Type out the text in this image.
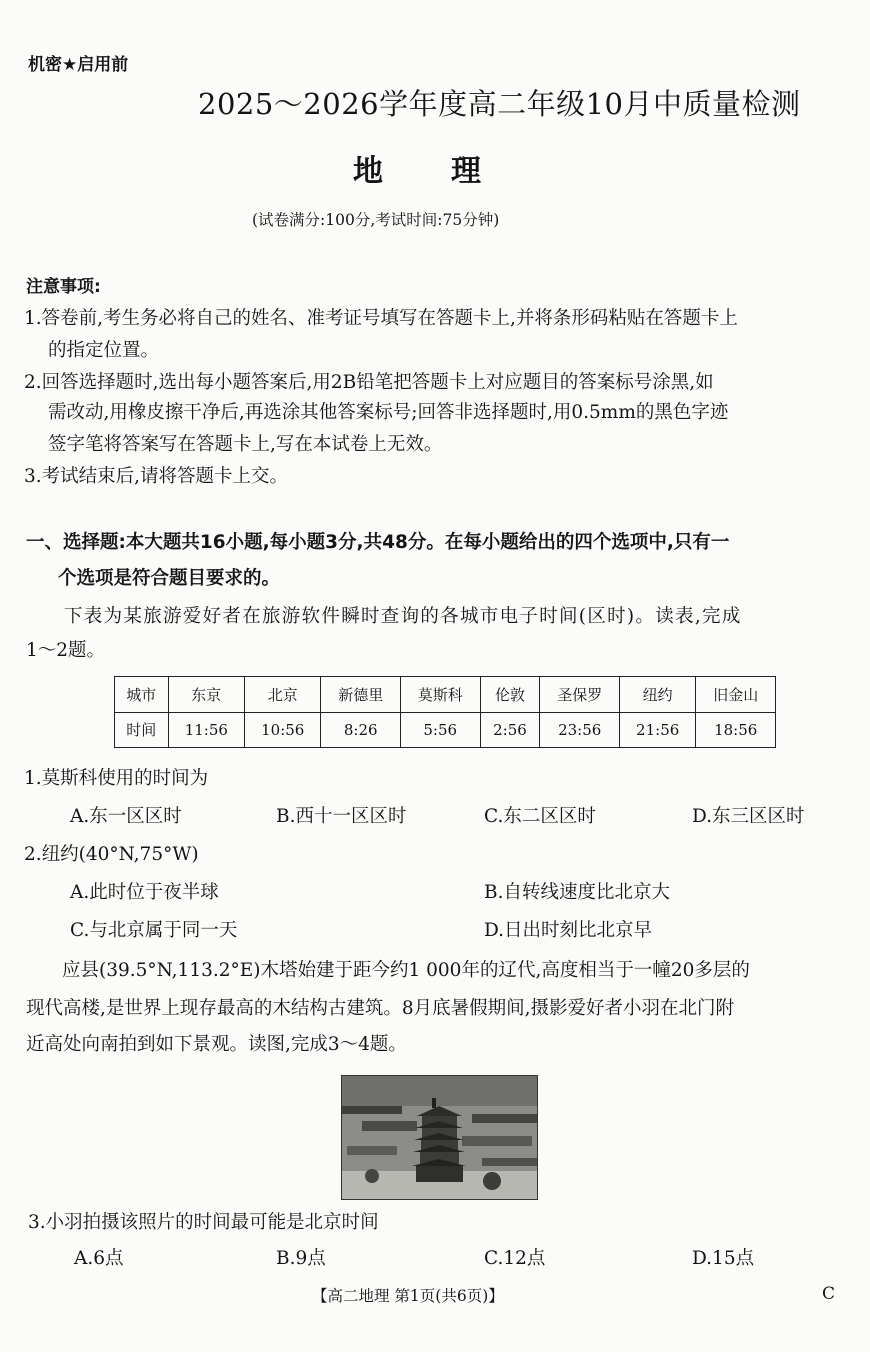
机密★启用前
2025～2026学年度高二年级10月中质量检测
地理
(试卷满分:100分,考试时间:75分钟)
注意事项:
1.答卷前,考生务必将自己的姓名、准考证号填写在答题卡上,并将条形码粘贴在答题卡上
的指定位置。
2.回答选择题时,选出每小题答案后,用2B铅笔把答题卡上对应题目的答案标号涂黑,如
需改动,用橡皮擦干净后,再选涂其他答案标号;回答非选择题时,用0.5mm的黑色字迹
签字笔将答案写在答题卡上,写在本试卷上无效。
3.考试结束后,请将答题卡上交。
一、选择题:本大题共16小题,每小题3分,共48分。在每小题给出的四个选项中,只有一
个选项是符合题目要求的。
下表为某旅游爱好者在旅游软件瞬时查询的各城市电子时间(区时)。读表,完成
1～2题。
城市	东京	北京	新德里	莫斯科	伦敦	圣保罗	纽约	旧金山
时间	11:56	10:56	8:26	5:56	2:56	23:56	21:56	18:56
1.莫斯科使用的时间为
A.东一区区时	B.西十一区区时	C.东二区区时	D.东三区区时
2.纽约(40°N,75°W)
A.此时位于夜半球	B.自转线速度比北京大
C.与北京属于同一天	D.日出时刻比北京早
应县(39.5°N,113.2°E)木塔始建于距今约1 000年的辽代,高度相当于一幢20多层的
现代高楼,是世界上现存最高的木结构古建筑。8月底暑假期间,摄影爱好者小羽在北门附
近高处向南拍到如下景观。读图,完成3～4题。
3.小羽拍摄该照片的时间最可能是北京时间
A.6点	B.9点	C.12点	D.15点
【高二地理 第1页(共6页)】	C
